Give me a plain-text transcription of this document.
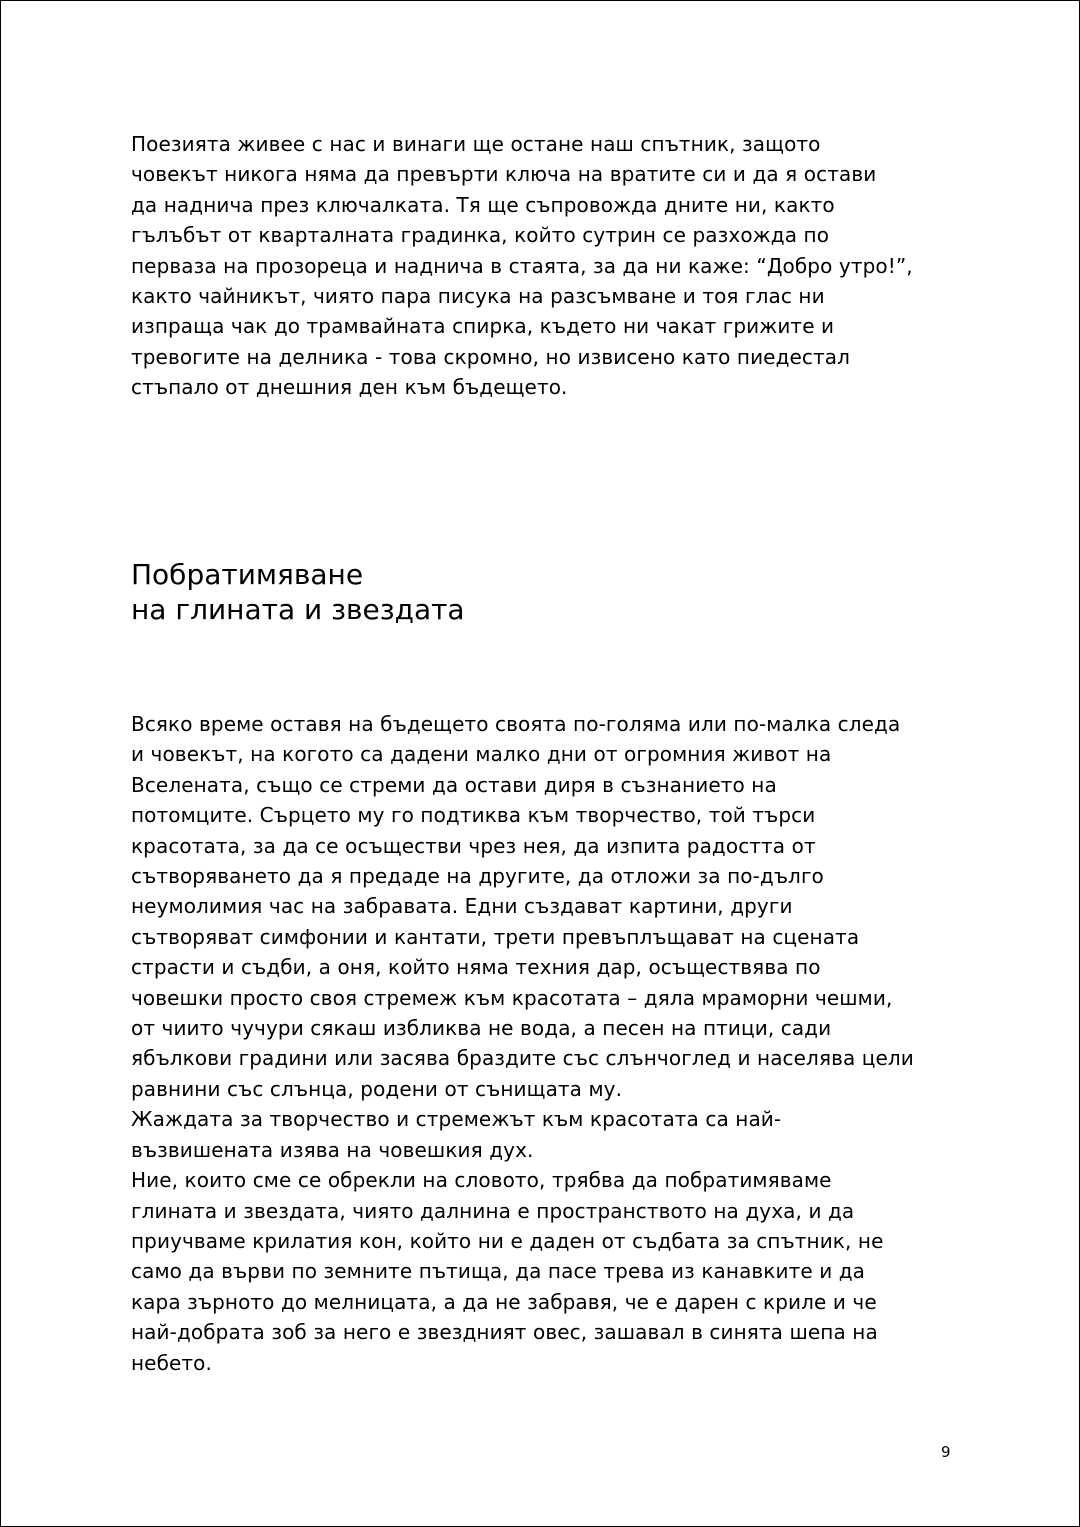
Поезията живее с нас и винаги ще остане наш спътник, защото
човекът никога няма да превърти ключа на вратите си и да я остави
да наднича през ключалката. Тя ще съпровожда дните ни, както
гълъбът от кварталната градинка, който сутрин се разхожда по
перваза на прозореца и наднича в стаята, за да ни каже: “Добро утро!”,
както чайникът, чиято пара писука на разсъмване и тоя глас ни
изпраща чак до трамвайната спирка, където ни чакат грижите и
тревогите на делника - това скромно, но извисено като пиедестал
стъпало от днешния ден към бъдещето.

Побратимяване
на глината и звездата

Всяко време оставя на бъдещето своята по-голяма или по-малка следа
и човекът, на когото са дадени малко дни от огромния живот на
Вселената, също се стреми да остави диря в съзнанието на
потомците. Сърцето му го подтиква към творчество, той търси
красотата, за да се осъществи чрез нея, да изпита радостта от
сътворяването да я предаде на другите, да отложи за по-дълго
неумолимия час на забравата. Едни създават картини, други
сътворяват симфонии и кантати, трети превъплъщават на сцената
страсти и съдби, а оня, който няма техния дар, осъществява по
човешки просто своя стремеж към красотата – дяла мраморни чешми,
от чиито чучури сякаш избликва не вода, а песен на птици, сади
ябълкови градини или засява браздите със слънчоглед и населява цели
равнини със слънца, родени от сънищата му.

Жаждата за творчество и стремежът към красотата са най-
възвишената изява на човешкия дух.

Ние, които сме се обрекли на словото, трябва да побратимяваме
глината и звездата, чиято далнина е пространството на духа, и да
приучваме крилатия кон, който ни е даден от съдбата за спътник, не
само да върви по земните пътища, да пасе трева из канавките и да
кара зърното до мелницата, а да не забравя, че е дарен с криле и че
най-добрата зоб за него е звездният овес, зашавал в синята шепа на
небето.

9
